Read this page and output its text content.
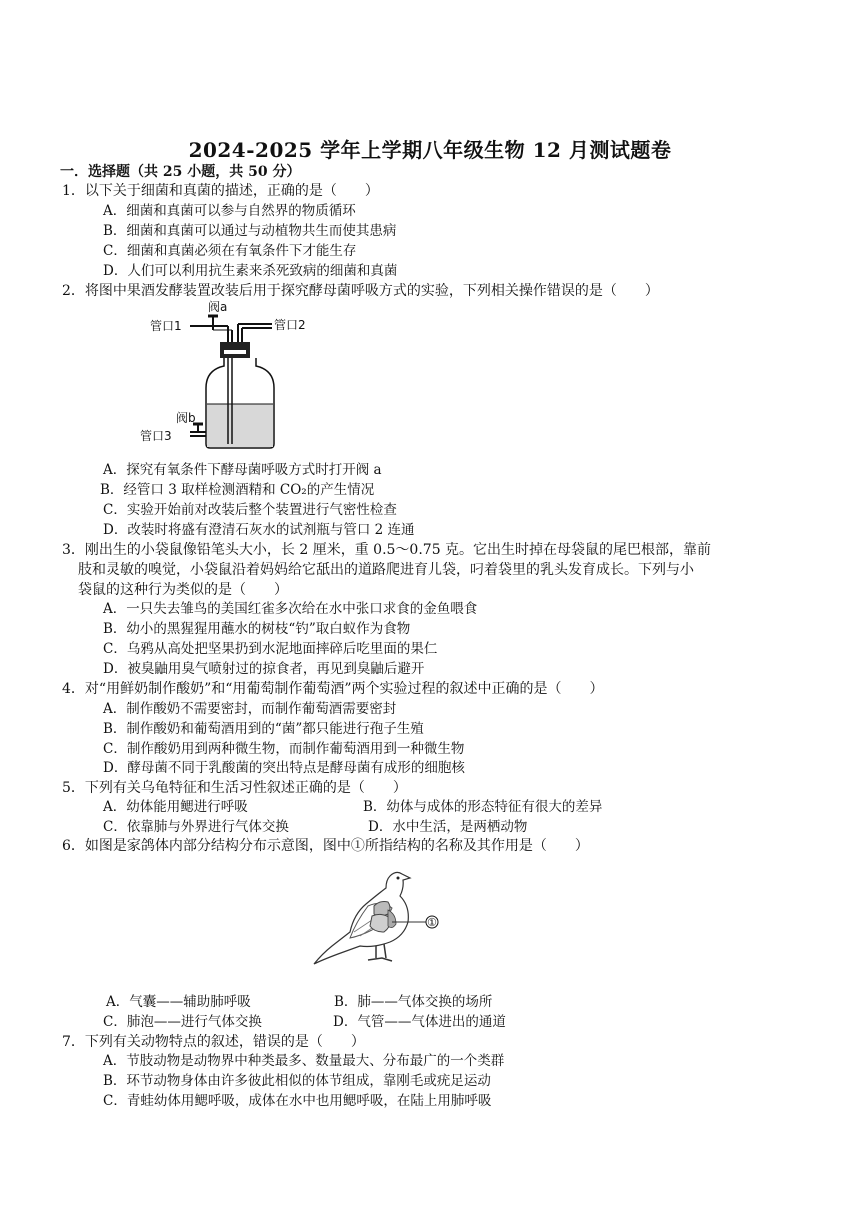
2024-2025 学年上学期八年级生物 12 月测试题卷
一．选择题（共 25 小题，共 50 分）
1．以下关于细菌和真菌的描述，正确的是（　　）
A．细菌和真菌可以参与自然界的物质循环
B．细菌和真菌可以通过与动植物共生而使其患病
C．细菌和真菌必须在有氧条件下才能生存
D．人们可以利用抗生素来杀死致病的细菌和真菌
2．将图中果酒发酵装置改装后用于探究酵母菌呼吸方式的实验，下列相关操作错误的是（　　）
阀a
管口1	管口2
阀b
管口3
A．探究有氧条件下酵母菌呼吸方式时打开阀 a
B．经管口 3 取样检测酒精和 CO₂的产生情况
C．实验开始前对改装后整个装置进行气密性检查
D．改装时将盛有澄清石灰水的试剂瓶与管口 2 连通
3．刚出生的小袋鼠像铅笔头大小，长 2 厘米，重 0.5～0.75 克。它出生时掉在母袋鼠的尾巴根部，靠前
肢和灵敏的嗅觉，小袋鼠沿着妈妈给它舐出的道路爬进育儿袋，叼着袋里的乳头发育成长。下列与小
袋鼠的这种行为类似的是（　　）
A．一只失去雏鸟的美国红雀多次给在水中张口求食的金鱼喂食
B．幼小的黑猩猩用蘸水的树枝“钓”取白蚁作为食物
C．乌鸦从高处把坚果扔到水泥地面摔碎后吃里面的果仁
D．被臭鼬用臭气喷射过的掠食者，再见到臭鼬后避开
4．对“用鲜奶制作酸奶”和“用葡萄制作葡萄酒”两个实验过程的叙述中正确的是（　　）
A．制作酸奶不需要密封，而制作葡萄酒需要密封
B．制作酸奶和葡萄酒用到的“菌”都只能进行孢子生殖
C．制作酸奶用到两种微生物，而制作葡萄酒用到一种微生物
D．酵母菌不同于乳酸菌的突出特点是酵母菌有成形的细胞核
5．下列有关乌龟特征和生活习性叙述正确的是（　　）
A．幼体能用鳃进行呼吸	B．幼体与成体的形态特征有很大的差异
C．依靠肺与外界进行气体交换	D．水中生活，是两栖动物
6．如图是家鸽体内部分结构分布示意图，图中①所指结构的名称及其作用是（　　）
①
A．气囊——辅助肺呼吸	B．肺——气体交换的场所
C．肺泡——进行气体交换	D．气管——气体进出的通道
7．下列有关动物特点的叙述，错误的是（　　）
A．节肢动物是动物界中种类最多、数量最大、分布最广的一个类群
B．环节动物身体由许多彼此相似的体节组成，靠刚毛或疣足运动
C．青蛙幼体用鳃呼吸，成体在水中也用鳃呼吸，在陆上用肺呼吸
